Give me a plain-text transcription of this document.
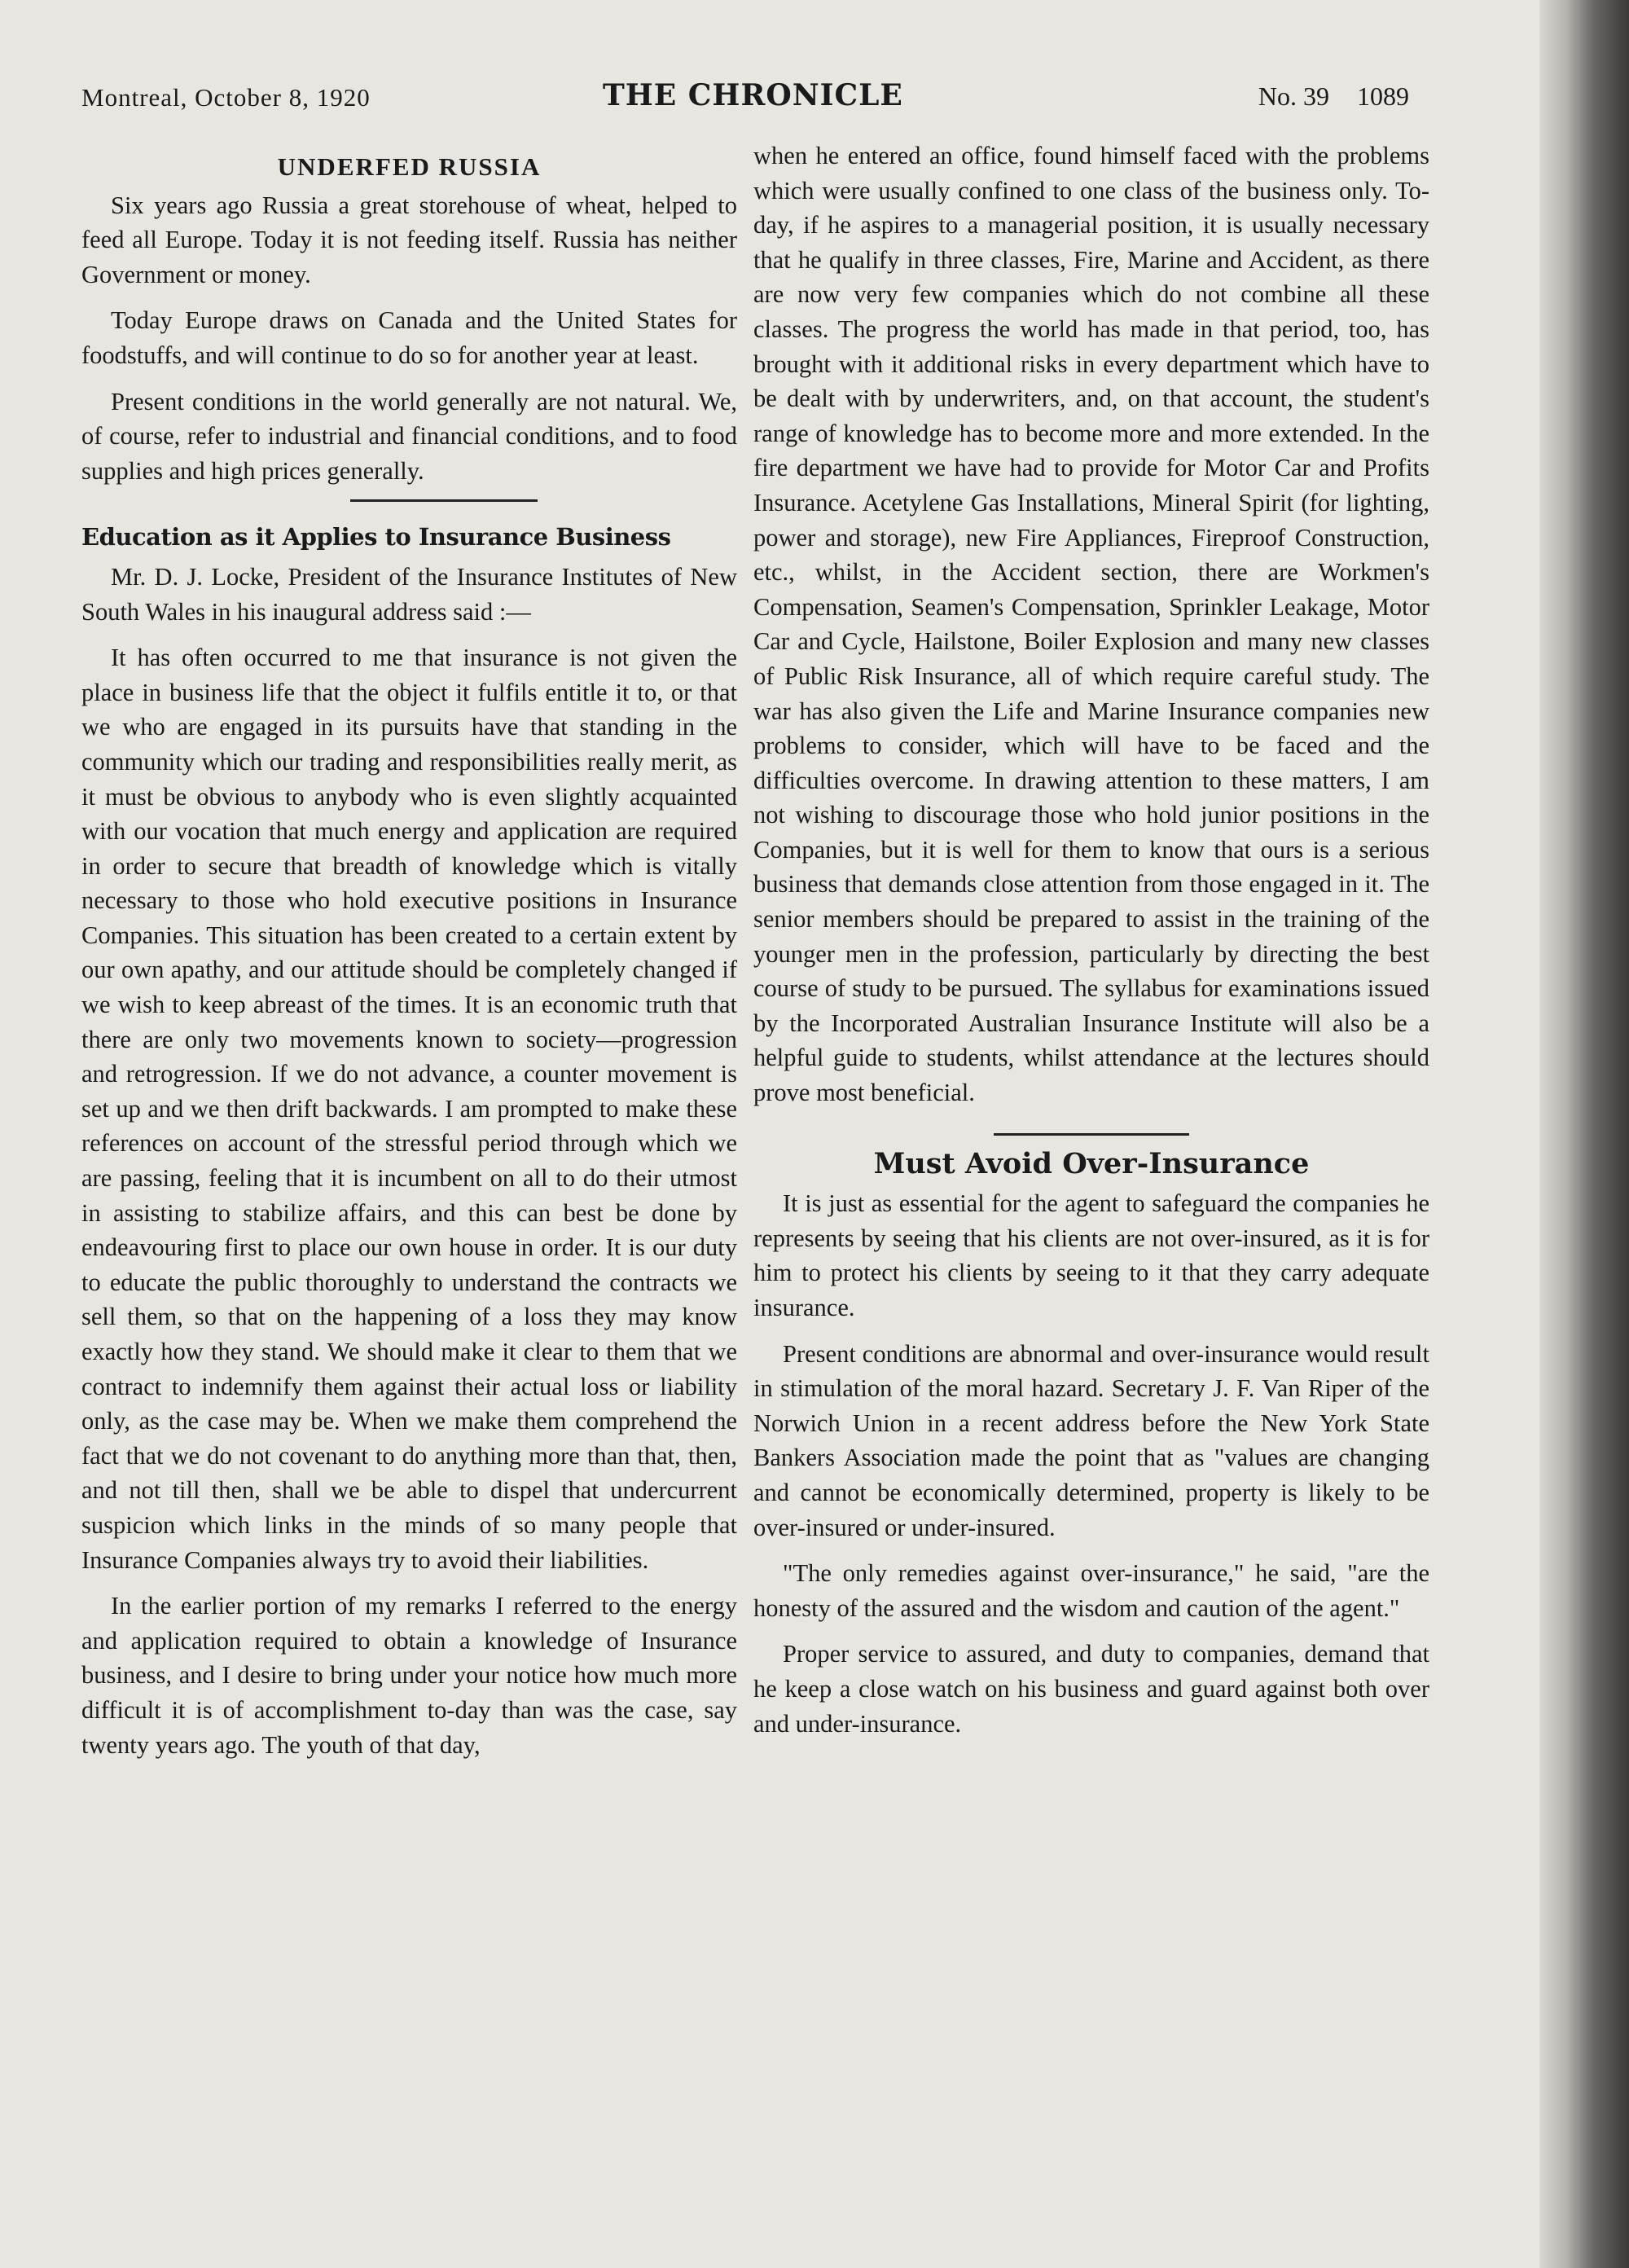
Montreal, October 8, 1920	THE CHRONICLE	No. 39 1089
UNDERFED RUSSIA

Six years ago Russia a great storehouse of wheat, helped to feed all Europe. Today it is not feeding itself. Russia has neither Government or money.

Today Europe draws on Canada and the United States for foodstuffs, and will continue to do so for another year at least.

Present conditions in the world generally are not natural. We, of course, refer to industrial and financial conditions, and to food supplies and high prices generally.

Education as it Applies to Insurance Business

Mr. D. J. Locke, President of the Insurance Institutes of New South Wales in his inaugural address said :—

It has often occurred to me that insurance is not given the place in business life that the object it fulfils entitle it to, or that we who are engaged in its pursuits have that standing in the community which our trading and responsibilities really merit, as it must be obvious to anybody who is even slightly acquainted with our vocation that much energy and application are required in order to secure that breadth of knowledge which is vitally necessary to those who hold executive positions in Insurance Companies. This situation has been created to a certain extent by our own apathy, and our attitude should be completely changed if we wish to keep abreast of the times. It is an economic truth that there are only two movements known to society—progression and retrogression. If we do not advance, a counter movement is set up and we then drift backwards. I am prompted to make these references on account of the stressful period through which we are passing, feeling that it is incumbent on all to do their utmost in assisting to stabilize affairs, and this can best be done by endeavouring first to place our own house in order. It is our duty to educate the public thoroughly to understand the contracts we sell them, so that on the happening of a loss they may know exactly how they stand. We should make it clear to them that we contract to indemnify them against their actual loss or liability only, as the case may be. When we make them comprehend the fact that we do not covenant to do anything more than that, then, and not till then, shall we be able to dispel that undercurrent suspicion which links in the minds of so many people that Insurance Companies always try to avoid their liabilities.

In the earlier portion of my remarks I referred to the energy and application required to obtain a knowledge of Insurance business, and I desire to bring under your notice how much more difficult it is of accomplishment to-day than was the case, say twenty years ago. The youth of that day,

when he entered an office, found himself faced with the problems which were usually confined to one class of the business only. To-day, if he aspires to a managerial position, it is usually necessary that he qualify in three classes, Fire, Marine and Accident, as there are now very few companies which do not combine all these classes. The progress the world has made in that period, too, has brought with it additional risks in every department which have to be dealt with by underwriters, and, on that account, the student's range of knowledge has to become more and more extended. In the fire department we have had to provide for Motor Car and Profits Insurance. Acetylene Gas Installations, Mineral Spirit (for lighting, power and storage), new Fire Appliances, Fireproof Construction, etc., whilst, in the Accident section, there are Workmen's Compensation, Seamen's Compensation, Sprinkler Leakage, Motor Car and Cycle, Hailstone, Boiler Explosion and many new classes of Public Risk Insurance, all of which require careful study. The war has also given the Life and Marine Insurance companies new problems to consider, which will have to be faced and the difficulties overcome. In drawing attention to these matters, I am not wishing to discourage those who hold junior positions in the Companies, but it is well for them to know that ours is a serious business that demands close attention from those engaged in it. The senior members should be prepared to assist in the training of the younger men in the profession, particularly by directing the best course of study to be pursued. The syllabus for examinations issued by the Incorporated Australian Insurance Institute will also be a helpful guide to students, whilst attendance at the lectures should prove most beneficial.

Must Avoid Over-Insurance

It is just as essential for the agent to safeguard the companies he represents by seeing that his clients are not over-insured, as it is for him to protect his clients by seeing to it that they carry adequate insurance.

Present conditions are abnormal and over-insurance would result in stimulation of the moral hazard. Secretary J. F. Van Riper of the Norwich Union in a recent address before the New York State Bankers Association made the point that as "values are changing and cannot be economically determined, property is likely to be over-insured or under-insured.

"The only remedies against over-insurance," he said, "are the honesty of the assured and the wisdom and caution of the agent."

Proper service to assured, and duty to companies, demand that he keep a close watch on his business and guard against both over and under-insurance.
